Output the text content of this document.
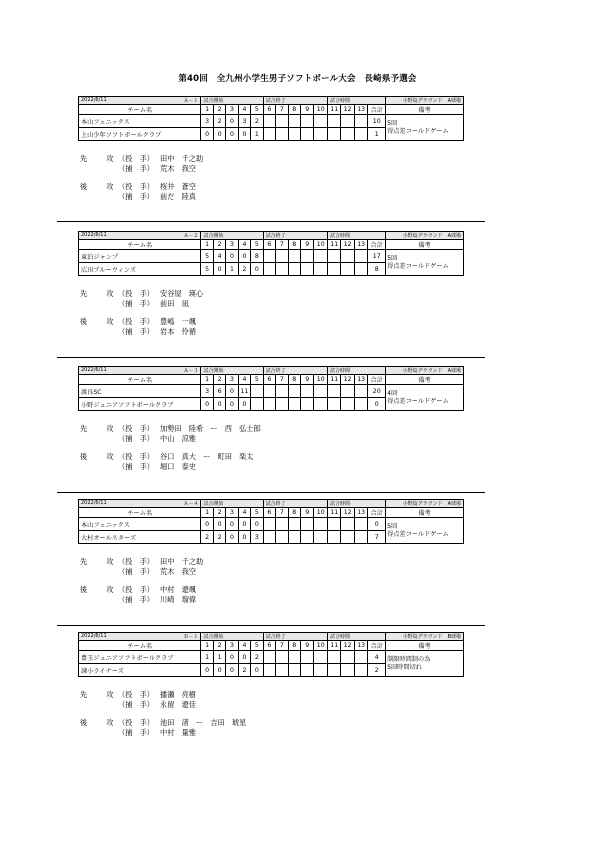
第40回　全九州小学生男子ソフトボール大会　長崎県予選会
2022/6/11 Ａ－１	試合開始					試合終了					試合時間				小野島グラウンド　A球場
チーム名	1	2	3	4	5	6	7	8	9	10	11	12	13	合計	備考
本山フェニックス	3	2	0	3	2									10	5回
得点差コールドゲーム

上山少年ソフトボールクラブ	0	0	0	0	1									1	
先　攻
（投　手） 田中　千之助
（捕　手） 荒木　我空
後　攻
（投　手） 桜井　蒼空
（捕　手） 前だ　陸真
2022/6/11 Ａ－２	試合開始					試合終了					試合時間				小野島グラウンド　A球場
チーム名	1	2	3	4	5	6	7	8	9	10	11	12	13	合計	備考
東泊ジャンプ	5	4	0	0	8									17	5回
得点差コールドゲーム

広田ブルーウィンズ	5	0	1	2	0									8	
先　攻
（投　手） 安谷屋　瑛心
（捕　手） 前田　凪
後　攻
（投　手） 豊嶋　一颯
（捕　手） 岩本　伶循
2022/6/11 Ａ－３	試合開始					試合終了					試合時間				小野島グラウンド　A球場
チーム名	1	2	3	4	5	6	7	8	9	10	11	12	13	合計	備考
渡良SC	3	6	0	11										20	4回
得点差コールドゲーム

小野ジュニアソフトボールクラブ	0	0	0	0										0	
先　攻
（投　手） 加勢田　陸希　ー　西　弘士郎
（捕　手） 中山　涼雅
後　攻
（投　手） 谷口　真大　ー　町田　楽太
（捕　手） 堀口　泰史
2022/6/11 Ａ－４	試合開始					試合終了					試合時間				小野島グラウンド　A球場
チーム名	1	2	3	4	5	6	7	8	9	10	11	12	13	合計	備考
本山フェニックス	0	0	0	0	0									0	5回
得点差コールドゲーム

大村オールスターズ	2	2	0	0	3									7	
先　攻
（投　手） 田中　千之助
（捕　手） 荒木　我空
後　攻
（投　手） 中村　遼颯
（捕　手） 川崎　瑠偉
2022/6/11 Ｂ－１	試合開始					試合終了					試合時間				小野島グラウンド　B球場
チーム名	1	2	3	4	5	6	7	8	9	10	11	12	13	合計	備考
豊玉ジュニアソフトボールクラブ	1	1	0	0	2									4	制限時間制の為
5回時間切れ

諫小ライナーズ	0	0	0	2	0									2	
先　攻
（投　手） 播瀬　亮樹
（捕　手） 永留　遼佳
後　攻
（投　手） 池田　渚　ー　吉田　琥星
（捕　手） 中村　量雅
